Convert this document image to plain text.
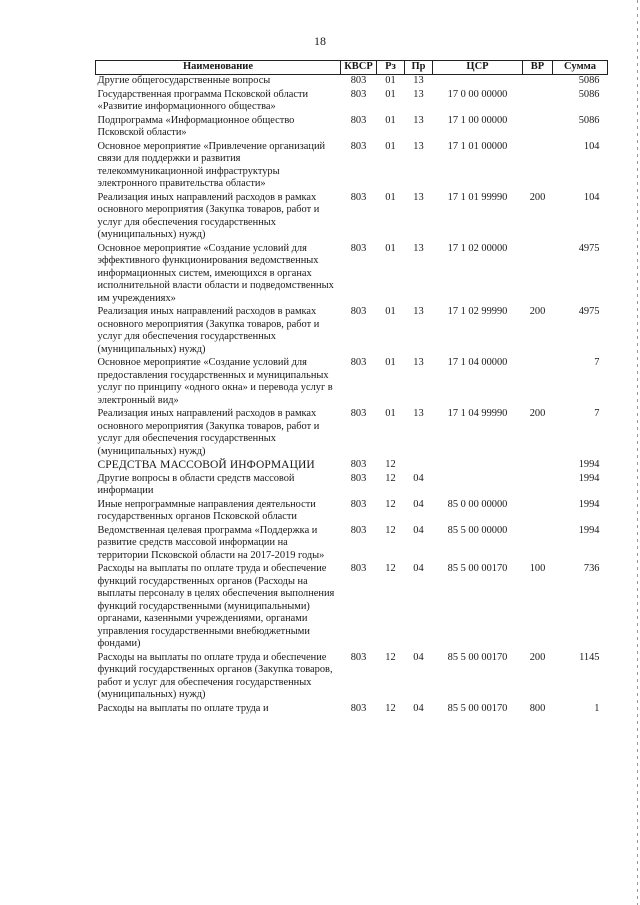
18
Наименование	КВСР	Рз	Пр	ЦСР	ВР	Сумма
Другие общегосударственные вопросы	803	01	13			5086
Государственная программа Псковской области «Развитие информационного общества»	803	01	13	17 0 00 00000		5086
Подпрограмма «Информационное общество Псковской области»	803	01	13	17 1 00 00000		5086
Основное мероприятие «Привлечение организаций связи для поддержки и развития телекоммуникационной инфраструктуры электронного правительства области»	803	01	13	17 1 01 00000		104
Реализация иных направлений расходов в рамках основного мероприятия (Закупка товаров, работ и услуг для обеспечения государственных (муниципальных) нужд)	803	01	13	17 1 01 99990	200	104
Основное мероприятие «Создание условий для эффективного функционирования ведомственных информационных систем, имеющихся в органах исполнительной власти области и подведомственных им учреждениях»	803	01	13	17 1 02 00000		4975
Реализация иных направлений расходов в рамках основного мероприятия (Закупка товаров, работ и услуг для обеспечения государственных (муниципальных) нужд)	803	01	13	17 1 02 99990	200	4975
Основное мероприятие «Создание условий для предоставления государственных и муниципальных услуг по принципу «одного окна» и перевода услуг в электронный вид»	803	01	13	17 1 04 00000		7
Реализация иных направлений расходов в рамках основного мероприятия (Закупка товаров, работ и услуг для обеспечения государственных (муниципальных) нужд)	803	01	13	17 1 04 99990	200	7
СРЕДСТВА МАССОВОЙ ИНФОРМАЦИИ	803	12				1994
Другие вопросы в области средств массовой информации	803	12	04			1994
Иные непрограммные направления деятельности государственных органов Псковской области	803	12	04	85 0 00 00000		1994
Ведомственная целевая программа «Поддержка и развитие средств массовой информации на территории Псковской области на 2017-2019 годы»	803	12	04	85 5 00 00000		1994
Расходы на выплаты по оплате труда и обеспечение функций государственных органов (Расходы на выплаты персоналу в целях обеспечения выполнения функций государственными (муниципальными) органами, казенными учреждениями, органами управления государственными внебюджетными фондами)	803	12	04	85 5 00 00170	100	736
Расходы на выплаты по оплате труда и обеспечение функций государственных органов (Закупка товаров, работ и услуг для обеспечения государственных (муниципальных) нужд)	803	12	04	85 5 00 00170	200	1145
Расходы на выплаты по оплате труда и	803	12	04	85 5 00 00170	800	1
